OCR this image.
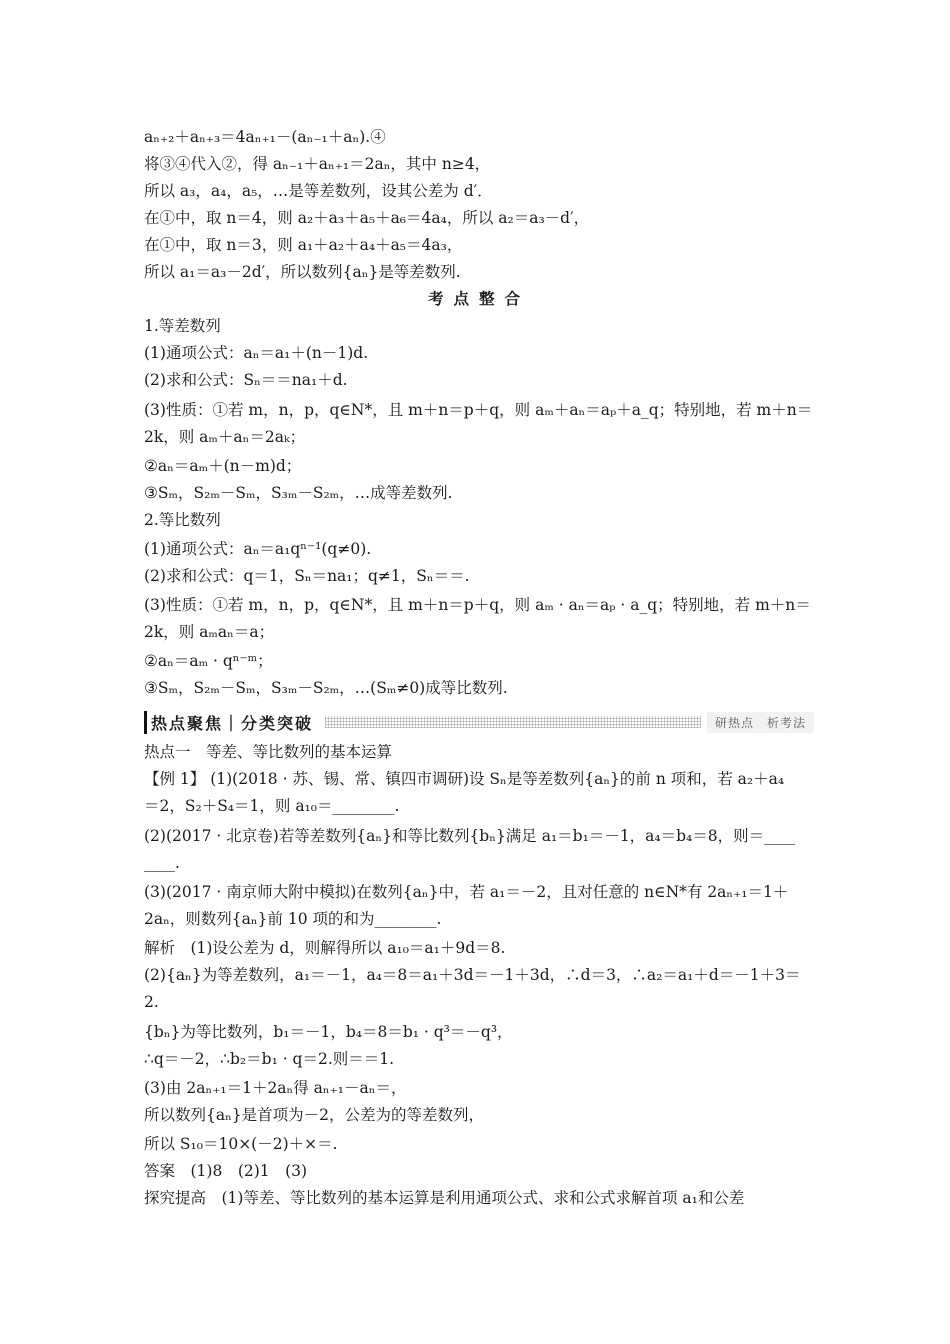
aₙ₊₂＋aₙ₊₃＝4aₙ₊₁－(aₙ₋₁＋aₙ).④
将③④代入②，得 aₙ₋₁＋aₙ₊₁＝2aₙ，其中 n≥4，
所以 a₃，a₄，a₅，…是等差数列，设其公差为 d′．
在①中，取 n＝4，则 a₂＋a₃＋a₅＋a₆＝4a₄，所以 a₂＝a₃－d′，
在①中，取 n＝3，则 a₁＋a₂＋a₄＋a₅＝4a₃，
所以 a₁＝a₃－2d′，所以数列{aₙ}是等差数列.
1.等差数列
(1)通项公式：aₙ＝a₁＋(n－1)d.
(2)求和公式：Sₙ＝＝na₁＋d.
(3)性质：①若 m，n，p，q∈N*，且 m＋n＝p＋q，则 aₘ＋aₙ＝aₚ＋a_q；特别地，若 m＋n＝
2k，则 aₘ＋aₙ＝2aₖ；
②aₙ＝aₘ＋(n－m)d；
③Sₘ，S₂ₘ－Sₘ，S₃ₘ－S₂ₘ，…成等差数列.
2.等比数列
(1)通项公式：aₙ＝a₁qⁿ⁻¹(q≠0).
(2)求和公式：q＝1，Sₙ＝na₁；q≠1，Sₙ＝＝.
(3)性质：①若 m，n，p，q∈N*，且 m＋n＝p＋q，则 aₘ · aₙ＝aₚ · a_q；特别地，若 m＋n＝
2k，则 aₘaₙ＝a；
②aₙ＝aₘ · qⁿ⁻ᵐ；
③Sₘ，S₂ₘ－Sₘ，S₃ₘ－S₂ₘ，…(Sₘ≠0)成等比数列.
热点一　等差、等比数列的基本运算
【例 1】 (1)(2018 · 苏、锡、常、镇四市调研)设 Sₙ是等差数列{aₙ}的前 n 项和，若 a₂＋a₄
＝2，S₂＋S₄＝1，则 a₁₀＝________.
(2)(2017 · 北京卷)若等差数列{aₙ}和等比数列{bₙ}满足 a₁＝b₁＝－1，a₄＝b₄＝8，则＝____
____.
(3)(2017 · 南京师大附中模拟)在数列{aₙ}中，若 a₁＝－2，且对任意的 n∈N*有 2aₙ₊₁＝1＋
2aₙ，则数列{aₙ}前 10 项的和为________.
解析　(1)设公差为 d，则解得所以 a₁₀＝a₁＋9d＝8.
(2){aₙ}为等差数列，a₁＝－1，a₄＝8＝a₁＋3d＝－1＋3d，∴d＝3，∴a₂＝a₁＋d＝－1＋3＝
2.
{bₙ}为等比数列，b₁＝－1，b₄＝8＝b₁ · q³＝－q³，
∴q＝－2，∴b₂＝b₁ · q＝2.则＝＝1.
(3)由 2aₙ₊₁＝1＋2aₙ得 aₙ₊₁－aₙ＝，
所以数列{aₙ}是首项为－2，公差为的等差数列，
所以 S₁₀＝10×(－2)＋×＝.
答案　(1)8　(2)1　(3)
探究提高　(1)等差、等比数列的基本运算是利用通项公式、求和公式求解首项 a₁和公差
考点整合
热点聚焦｜分类突破	研热点　析考法
